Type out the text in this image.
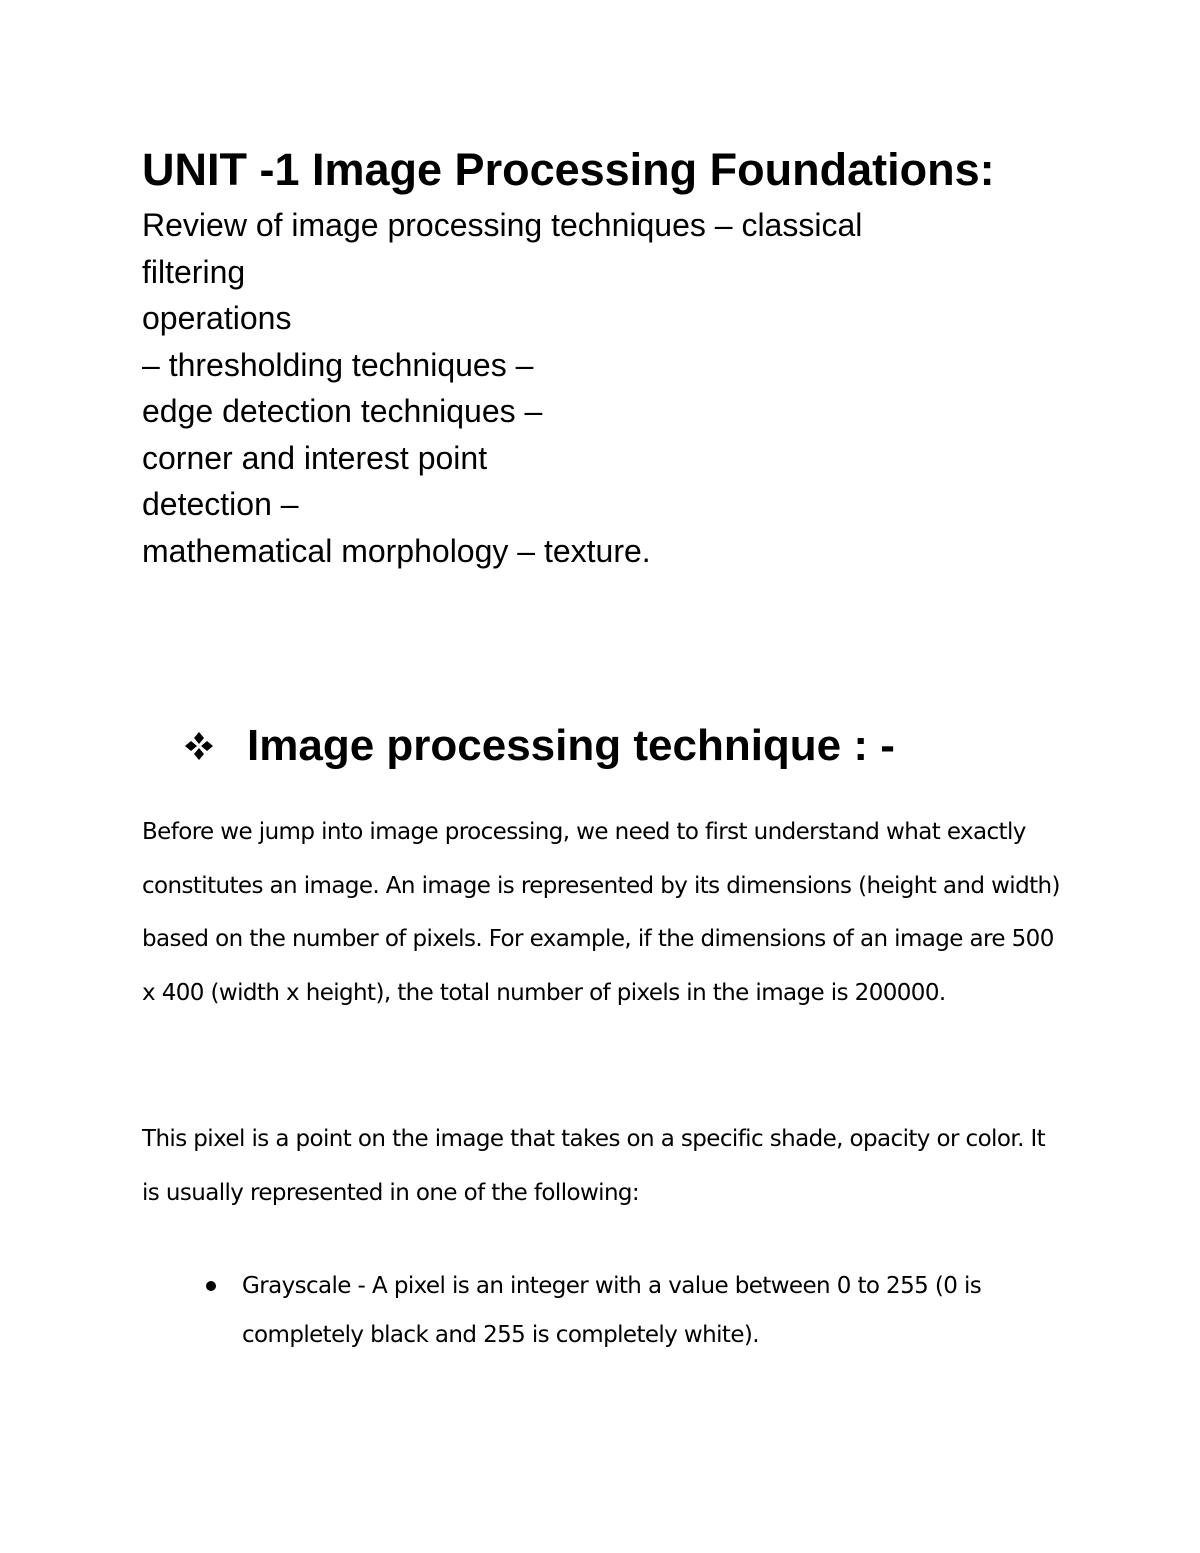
UNIT -1 Image Processing Foundations:
Review of image processing techniques – classical
filtering
operations
– thresholding techniques –
edge detection techniques –
corner and interest point
detection –
mathematical morphology – texture.
Image processing technique : -

Before we jump into image processing, we need to first understand what exactly constitutes an image. An image is represented by its dimensions (height and width) based on the number of pixels. For example, if the dimensions of an image are 500 x 400 (width x height), the total number of pixels in the image is 200000.

This pixel is a point on the image that takes on a specific shade, opacity or color. It is usually represented in one of the following:

Grayscale - A pixel is an integer with a value between 0 to 255 (0 is completely black and 255 is completely white).
